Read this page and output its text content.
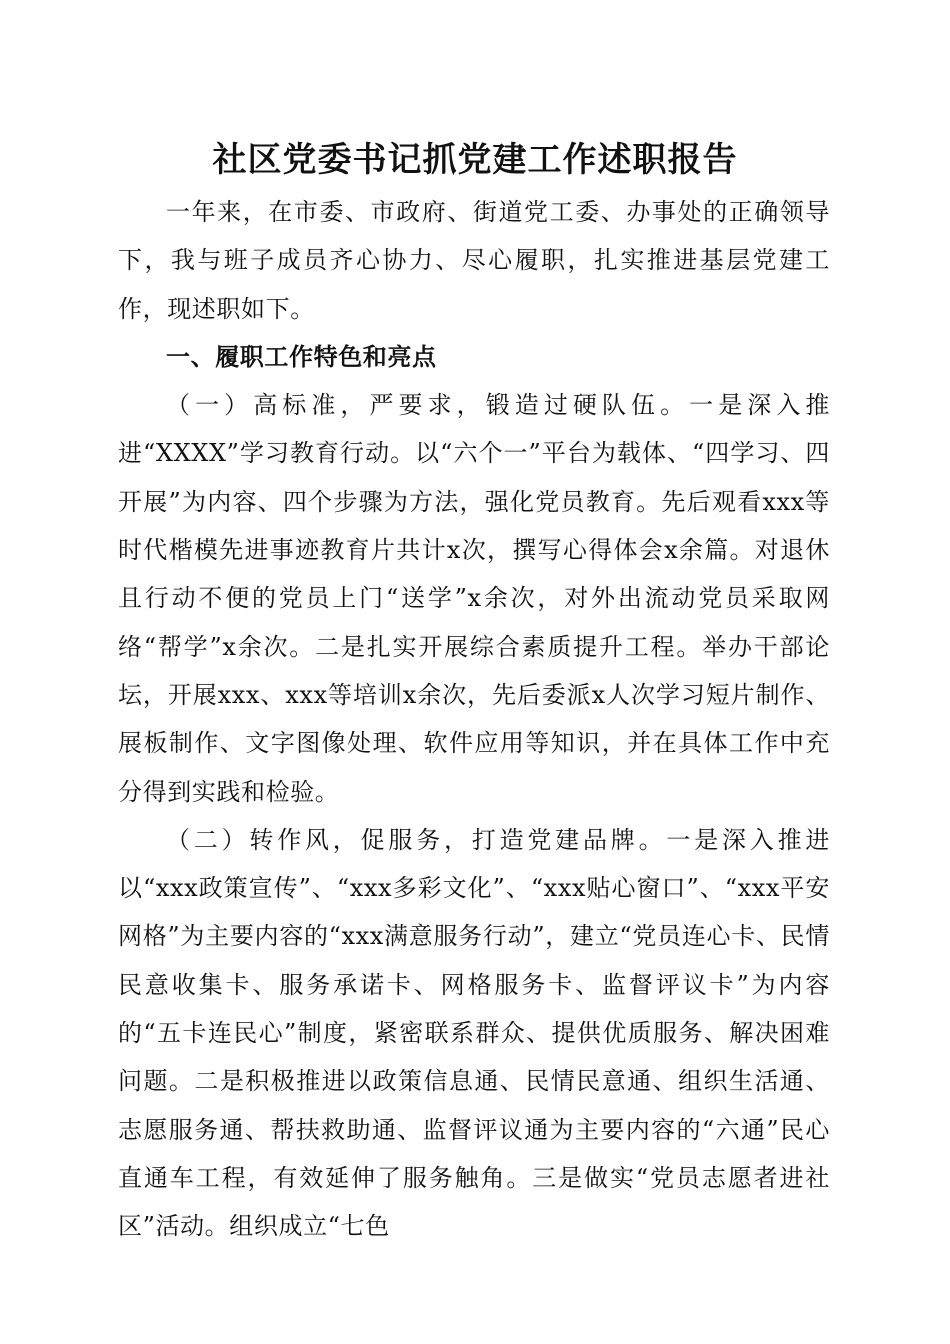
社区党委书记抓党建工作述职报告

一年来，在市委、市政府、街道党工委、办事处的正确领导下，我与班子成员齐心协力、尽心履职，扎实推进基层党建工作，现述职如下。

一、履职工作特色和亮点

（一）高标准，严要求，锻造过硬队伍。一是深入推进“XXXX”学习教育行动。以“六个一”平台为载体、“四学习、四开展”为内容、四个步骤为方法，强化党员教育。先后观看xxx等时代楷模先进事迹教育片共计x次，撰写心得体会x余篇。对退休且行动不便的党员上门“送学”x余次，对外出流动党员采取网络“帮学”x余次。二是扎实开展综合素质提升工程。举办干部论坛，开展xxx、xxx等培训x余次，先后委派x人次学习短片制作、展板制作、文字图像处理、软件应用等知识，并在具体工作中充分得到实践和检验。

（二）转作风，促服务，打造党建品牌。一是深入推进以“xxx政策宣传”、“xxx多彩文化”、“xxx贴心窗口”、“xxx平安网格”为主要内容的“xxx满意服务行动”，建立“党员连心卡、民情民意收集卡、服务承诺卡、网格服务卡、监督评议卡”为内容的“五卡连民心”制度，紧密联系群众、提供优质服务、解决困难问题。二是积极推进以政策信息通、民情民意通、组织生活通、志愿服务通、帮扶救助通、监督评议通为主要内容的“六通”民心直通车工程，有效延伸了服务触角。三是做实“党员志愿者进社区”活动。组织成立“七色
